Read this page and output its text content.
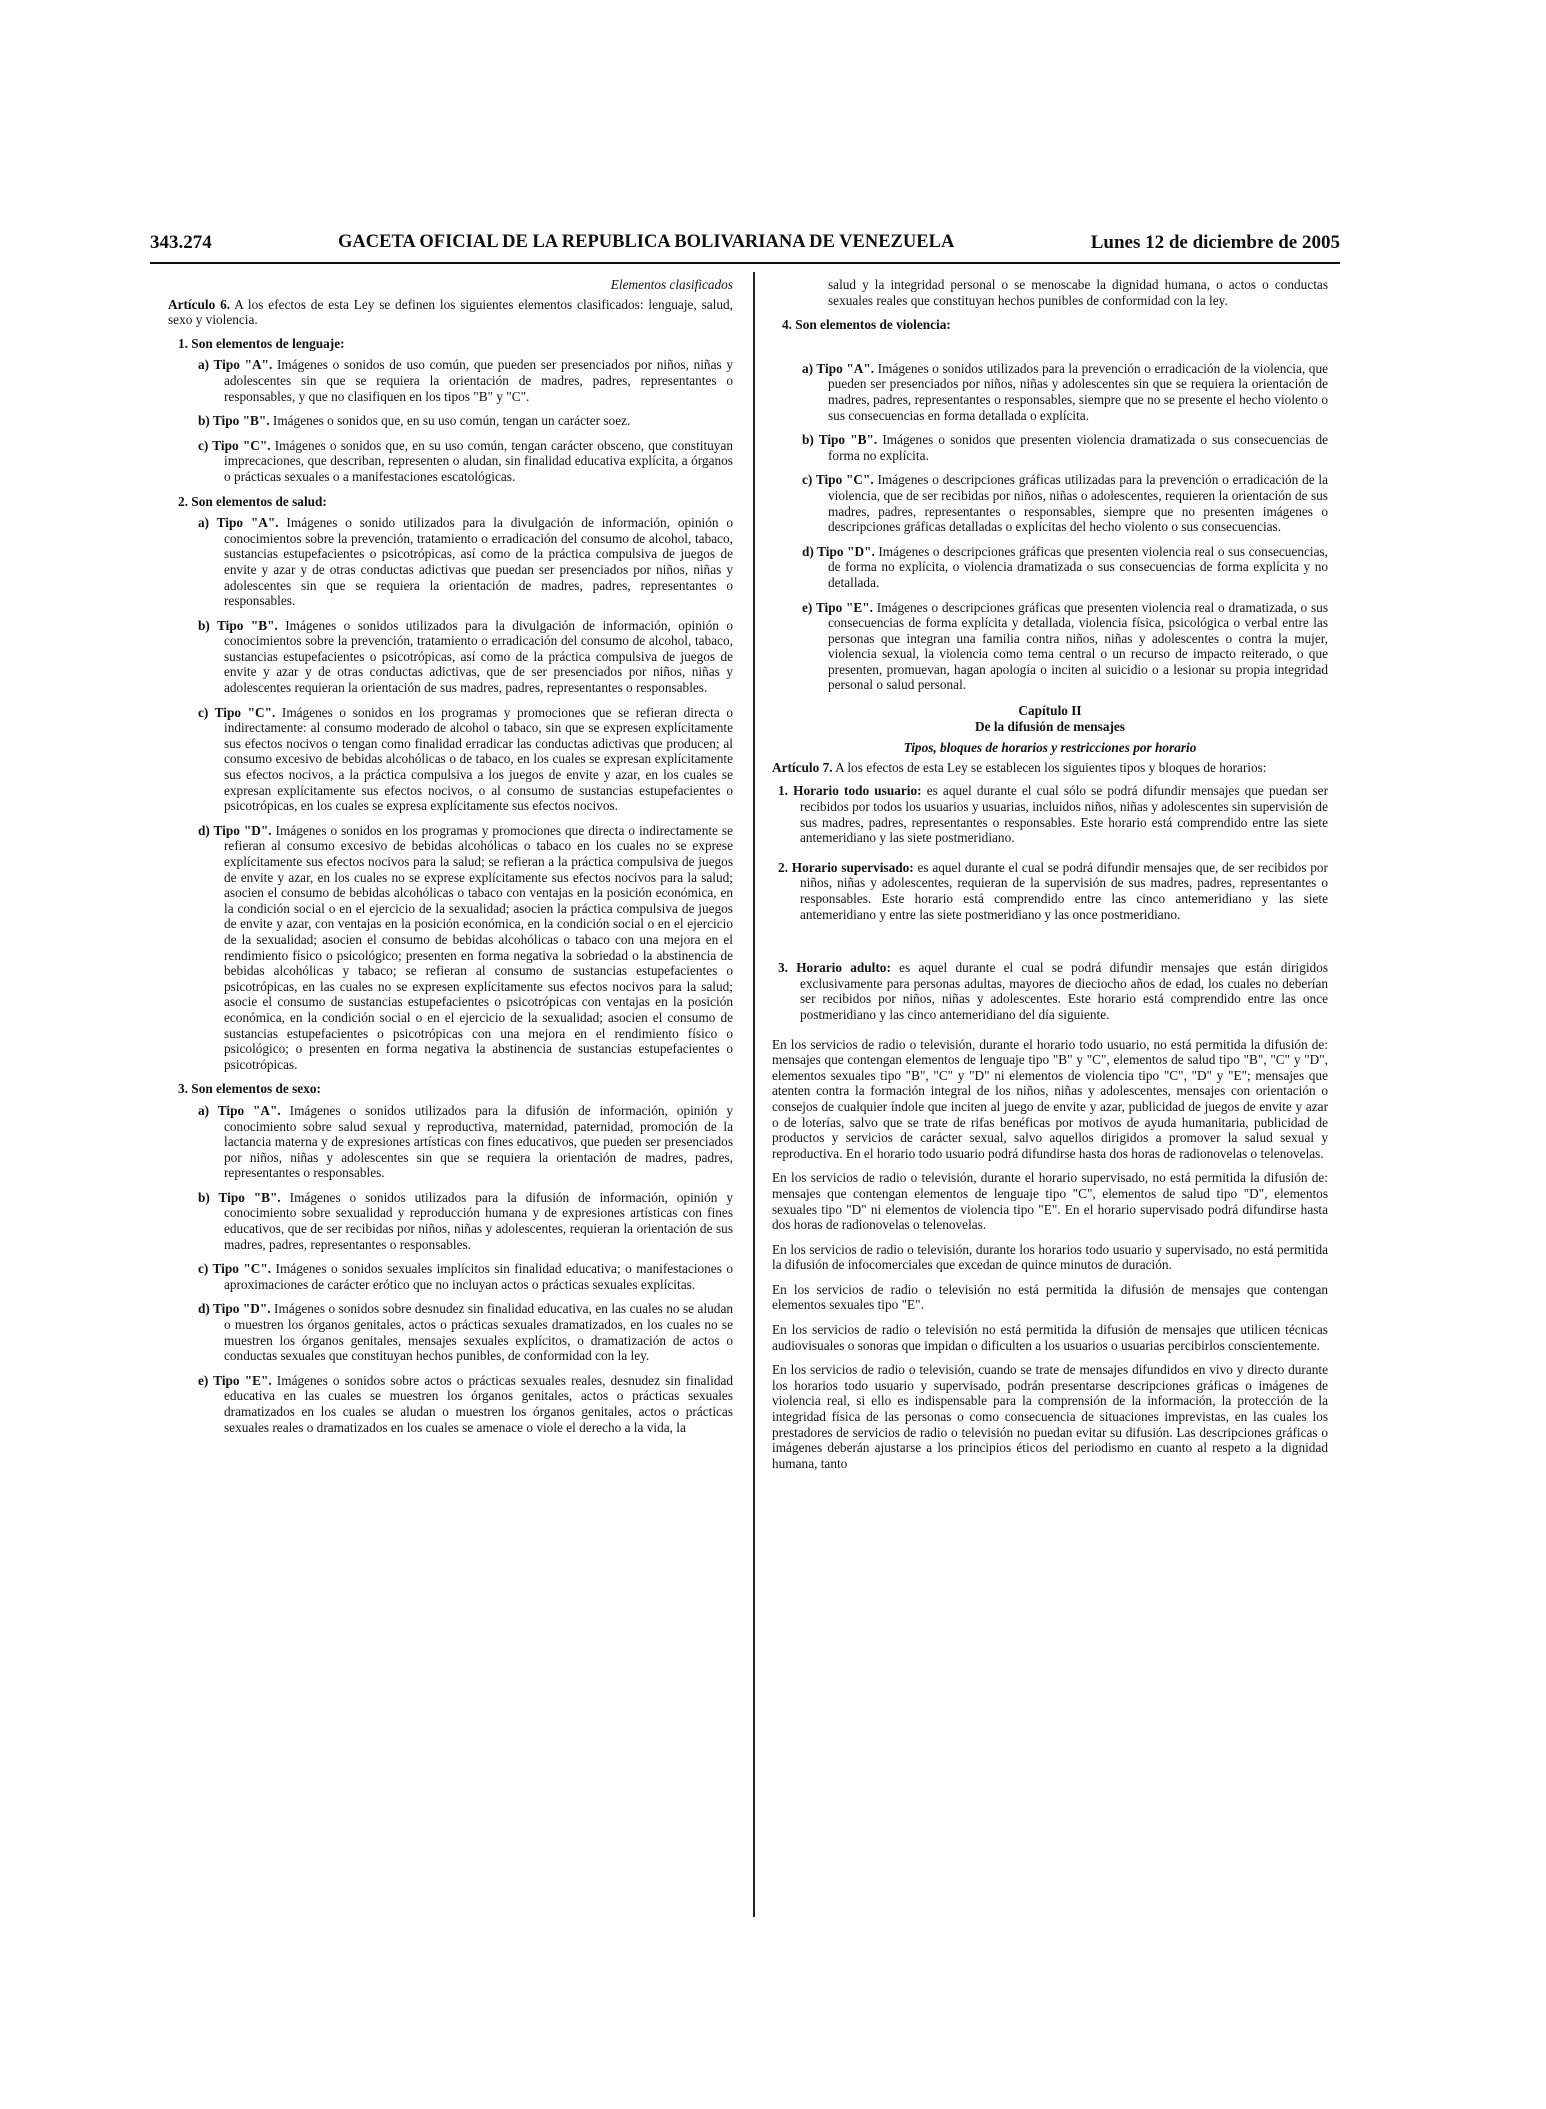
343.274	GACETA OFICIAL DE LA REPUBLICA BOLIVARIANA DE VENEZUELA	Lunes 12 de diciembre de 2005

Elementos clasificados

Artículo 6. A los efectos de esta Ley se definen los siguientes elementos clasificados: lenguaje, salud, sexo y violencia.

1. Son elementos de lenguaje:

a) Tipo "A". Imágenes o sonidos de uso común, que pueden ser presenciados por niños, niñas y adolescentes sin que se requiera la orientación de madres, padres, representantes o responsables, y que no clasifiquen en los tipos "B" y "C".

b) Tipo "B". Imágenes o sonidos que, en su uso común, tengan un carácter soez.

c) Tipo "C". Imágenes o sonidos que, en su uso común, tengan carácter obsceno, que constituyan imprecaciones, que describan, representen o aludan, sin finalidad educativa explícita, a órganos o prácticas sexuales o a manifestaciones escatológicas.

2. Son elementos de salud:

a) Tipo "A". Imágenes o sonido utilizados para la divulgación de información, opinión o conocimientos sobre la prevención, tratamiento o erradicación del consumo de alcohol, tabaco, sustancias estupefacientes o psicotrópicas, así como de la práctica compulsiva de juegos de envite y azar y de otras conductas adictivas que puedan ser presenciados por niños, niñas y adolescentes sin que se requiera la orientación de madres, padres, representantes o responsables.

b) Tipo "B". Imágenes o sonidos utilizados para la divulgación de información, opinión o conocimientos sobre la prevención, tratamiento o erradicación del consumo de alcohol, tabaco, sustancias estupefacientes o psicotrópicas, así como de la práctica compulsiva de juegos de envite y azar y de otras conductas adictivas, que de ser presenciados por niños, niñas y adolescentes requieran la orientación de sus madres, padres, representantes o responsables.

c) Tipo "C". Imágenes o sonidos en los programas y promociones que se refieran directa o indirectamente: al consumo moderado de alcohol o tabaco, sin que se expresen explícitamente sus efectos nocivos o tengan como finalidad erradicar las conductas adictivas que producen; al consumo excesivo de bebidas alcohólicas o de tabaco, en los cuales se expresan explícitamente sus efectos nocivos, a la práctica compulsiva a los juegos de envite y azar, en los cuales se expresan explícitamente sus efectos nocivos, o al consumo de sustancias estupefacientes o psicotrópicas, en los cuales se expresa explícitamente sus efectos nocivos.

d) Tipo "D". Imágenes o sonidos en los programas y promociones que directa o indirectamente se refieran al consumo excesivo de bebidas alcohólicas o tabaco en los cuales no se exprese explícitamente sus efectos nocivos para la salud; se refieran a la práctica compulsiva de juegos de envite y azar, en los cuales no se exprese explícitamente sus efectos nocivos para la salud; asocien el consumo de bebidas alcohólicas o tabaco con ventajas en la posición económica, en la condición social o en el ejercicio de la sexualidad; asocien la práctica compulsiva de juegos de envite y azar, con ventajas en la posición económica, en la condición social o en el ejercicio de la sexualidad; asocien el consumo de bebidas alcohólicas o tabaco con una mejora en el rendimiento físico o psicológico; presenten en forma negativa la sobriedad o la abstinencia de bebidas alcohólicas y tabaco; se refieran al consumo de sustancias estupefacientes o psicotrópicas, en las cuales no se expresen explícitamente sus efectos nocivos para la salud; asocie el consumo de sustancias estupefacientes o psicotrópicas con ventajas en la posición económica, en la condición social o en el ejercicio de la sexualidad; asocien el consumo de sustancias estupefacientes o psicotrópicas con una mejora en el rendimiento físico o psicológico; o presenten en forma negativa la abstinencia de sustancias estupefacientes o psicotrópicas.

3. Son elementos de sexo:

a) Tipo "A". Imágenes o sonidos utilizados para la difusión de información, opinión y conocimiento sobre salud sexual y reproductiva, maternidad, paternidad, promoción de la lactancia materna y de expresiones artísticas con fines educativos, que pueden ser presenciados por niños, niñas y adolescentes sin que se requiera la orientación de madres, padres, representantes o responsables.

b) Tipo "B". Imágenes o sonidos utilizados para la difusión de información, opinión y conocimiento sobre sexualidad y reproducción humana y de expresiones artísticas con fines educativos, que de ser recibidas por niños, niñas y adolescentes, requieran la orientación de sus madres, padres, representantes o responsables.

c) Tipo "C". Imágenes o sonidos sexuales implícitos sin finalidad educativa; o manifestaciones o aproximaciones de carácter erótico que no incluyan actos o prácticas sexuales explícitas.

d) Tipo "D". Imágenes o sonidos sobre desnudez sin finalidad educativa, en las cuales no se aludan o muestren los órganos genitales, actos o prácticas sexuales dramatizados, en los cuales no se muestren los órganos genitales, mensajes sexuales explícitos, o dramatización de actos o conductas sexuales que constituyan hechos punibles, de conformidad con la ley.

e) Tipo "E". Imágenes o sonidos sobre actos o prácticas sexuales reales, desnudez sin finalidad educativa en las cuales se muestren los órganos genitales, actos o prácticas sexuales dramatizados en los cuales se aludan o muestren los órganos genitales, actos o prácticas sexuales reales o dramatizados en los cuales se amenace o viole el derecho a la vida, la

salud y la integridad personal o se menoscabe la dignidad humana, o actos o conductas sexuales reales que constituyan hechos punibles de conformidad con la ley.

4. Son elementos de violencia:

a) Tipo "A". Imágenes o sonidos utilizados para la prevención o erradicación de la violencia, que pueden ser presenciados por niños, niñas y adolescentes sin que se requiera la orientación de madres, padres, representantes o responsables, siempre que no se presente el hecho violento o sus consecuencias en forma detallada o explícita.

b) Tipo "B". Imágenes o sonidos que presenten violencia dramatizada o sus consecuencias de forma no explícita.

c) Tipo "C". Imágenes o descripciones gráficas utilizadas para la prevención o erradicación de la violencia, que de ser recibidas por niños, niñas o adolescentes, requieren la orientación de sus madres, padres, representantes o responsables, siempre que no presenten imágenes o descripciones gráficas detalladas o explícitas del hecho violento o sus consecuencias.

d) Tipo "D". Imágenes o descripciones gráficas que presenten violencia real o sus consecuencias, de forma no explícita, o violencia dramatizada o sus consecuencias de forma explícita y no detallada.

e) Tipo "E". Imágenes o descripciones gráficas que presenten violencia real o dramatizada, o sus consecuencias de forma explícita y detallada, violencia física, psicológica o verbal entre las personas que integran una familia contra niños, niñas y adolescentes o contra la mujer, violencia sexual, la violencia como tema central o un recurso de impacto reiterado, o que presenten, promuevan, hagan apología o inciten al suicidio o a lesionar su propia integridad personal o salud personal.

Capítulo II

De la difusión de mensajes

Tipos, bloques de horarios y restricciones por horario

Artículo 7. A los efectos de esta Ley se establecen los siguientes tipos y bloques de horarios:

1. Horario todo usuario: es aquel durante el cual sólo se podrá difundir mensajes que puedan ser recibidos por todos los usuarios y usuarias, incluidos niños, niñas y adolescentes sin supervisión de sus madres, padres, representantes o responsables. Este horario está comprendido entre las siete antemeridiano y las siete postmeridiano.

2. Horario supervisado: es aquel durante el cual se podrá difundir mensajes que, de ser recibidos por niños, niñas y adolescentes, requieran de la supervisión de sus madres, padres, representantes o responsables. Este horario está comprendido entre las cinco antemeridiano y las siete antemeridiano y entre las siete postmeridiano y las once postmeridiano.

3. Horario adulto: es aquel durante el cual se podrá difundir mensajes que están dirigidos exclusivamente para personas adultas, mayores de dieciocho años de edad, los cuales no deberían ser recibidos por niños, niñas y adolescentes. Este horario está comprendido entre las once postmeridiano y las cinco antemeridiano del día siguiente.

En los servicios de radio o televisión, durante el horario todo usuario, no está permitida la difusión de: mensajes que contengan elementos de lenguaje tipo "B" y "C", elementos de salud tipo "B", "C" y "D", elementos sexuales tipo "B", "C" y "D" ni elementos de violencia tipo "C", "D" y "E"; mensajes que atenten contra la formación integral de los niños, niñas y adolescentes, mensajes con orientación o consejos de cualquier índole que inciten al juego de envite y azar, publicidad de juegos de envite y azar o de loterías, salvo que se trate de rifas benéficas por motivos de ayuda humanitaria, publicidad de productos y servicios de carácter sexual, salvo aquellos dirigidos a promover la salud sexual y reproductiva. En el horario todo usuario podrá difundirse hasta dos horas de radionovelas o telenovelas.

En los servicios de radio o televisión, durante el horario supervisado, no está permitida la difusión de: mensajes que contengan elementos de lenguaje tipo "C", elementos de salud tipo "D", elementos sexuales tipo "D" ni elementos de violencia tipo "E". En el horario supervisado podrá difundirse hasta dos horas de radionovelas o telenovelas.

En los servicios de radio o televisión, durante los horarios todo usuario y supervisado, no está permitida la difusión de infocomerciales que excedan de quince minutos de duración.

En los servicios de radio o televisión no está permitida la difusión de mensajes que contengan elementos sexuales tipo "E".

En los servicios de radio o televisión no está permitida la difusión de mensajes que utilicen técnicas audiovisuales o sonoras que impidan o dificulten a los usuarios o usuarias percibirlos conscientemente.

En los servicios de radio o televisión, cuando se trate de mensajes difundidos en vivo y directo durante los horarios todo usuario y supervisado, podrán presentarse descripciones gráficas o imágenes de violencia real, si ello es indispensable para la comprensión de la información, la protección de la integridad física de las personas o como consecuencia de situaciones imprevistas, en las cuales los prestadores de servicios de radio o televisión no puedan evitar su difusión. Las descripciones gráficas o imágenes deberán ajustarse a los principios éticos del periodismo en cuanto al respeto a la dignidad humana, tanto
